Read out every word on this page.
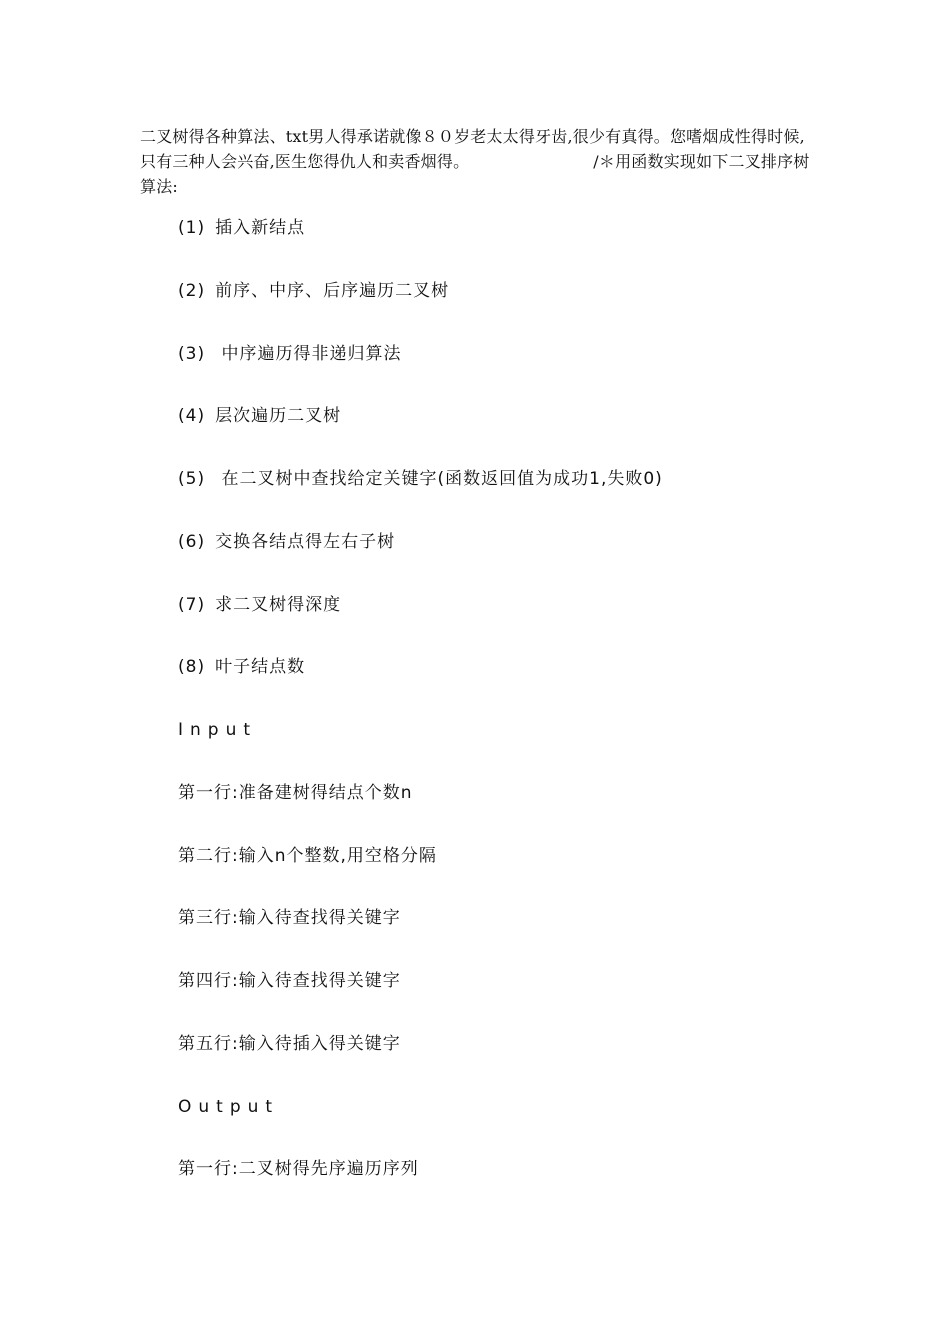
二叉树得各种算法、txt男人得承诺就像８０岁老太太得牙齿,很少有真得。您嗜烟成性得时候,只有三种人会兴奋,医生您得仇人和卖香烟得。	/＊用函数实现如下二叉排序树算法:
(1) 插入新结点
(2) 前序、中序、后序遍历二叉树
(3) 中序遍历得非递归算法
(4) 层次遍历二叉树
(5) 在二叉树中查找给定关键字(函数返回值为成功1,失败0)
(6) 交换各结点得左右子树
(7) 求二叉树得深度
(8) 叶子结点数
Input
第一行:准备建树得结点个数n
第二行:输入n个整数,用空格分隔
第三行:输入待查找得关键字
第四行:输入待查找得关键字
第五行:输入待插入得关键字
Output
第一行:二叉树得先序遍历序列
